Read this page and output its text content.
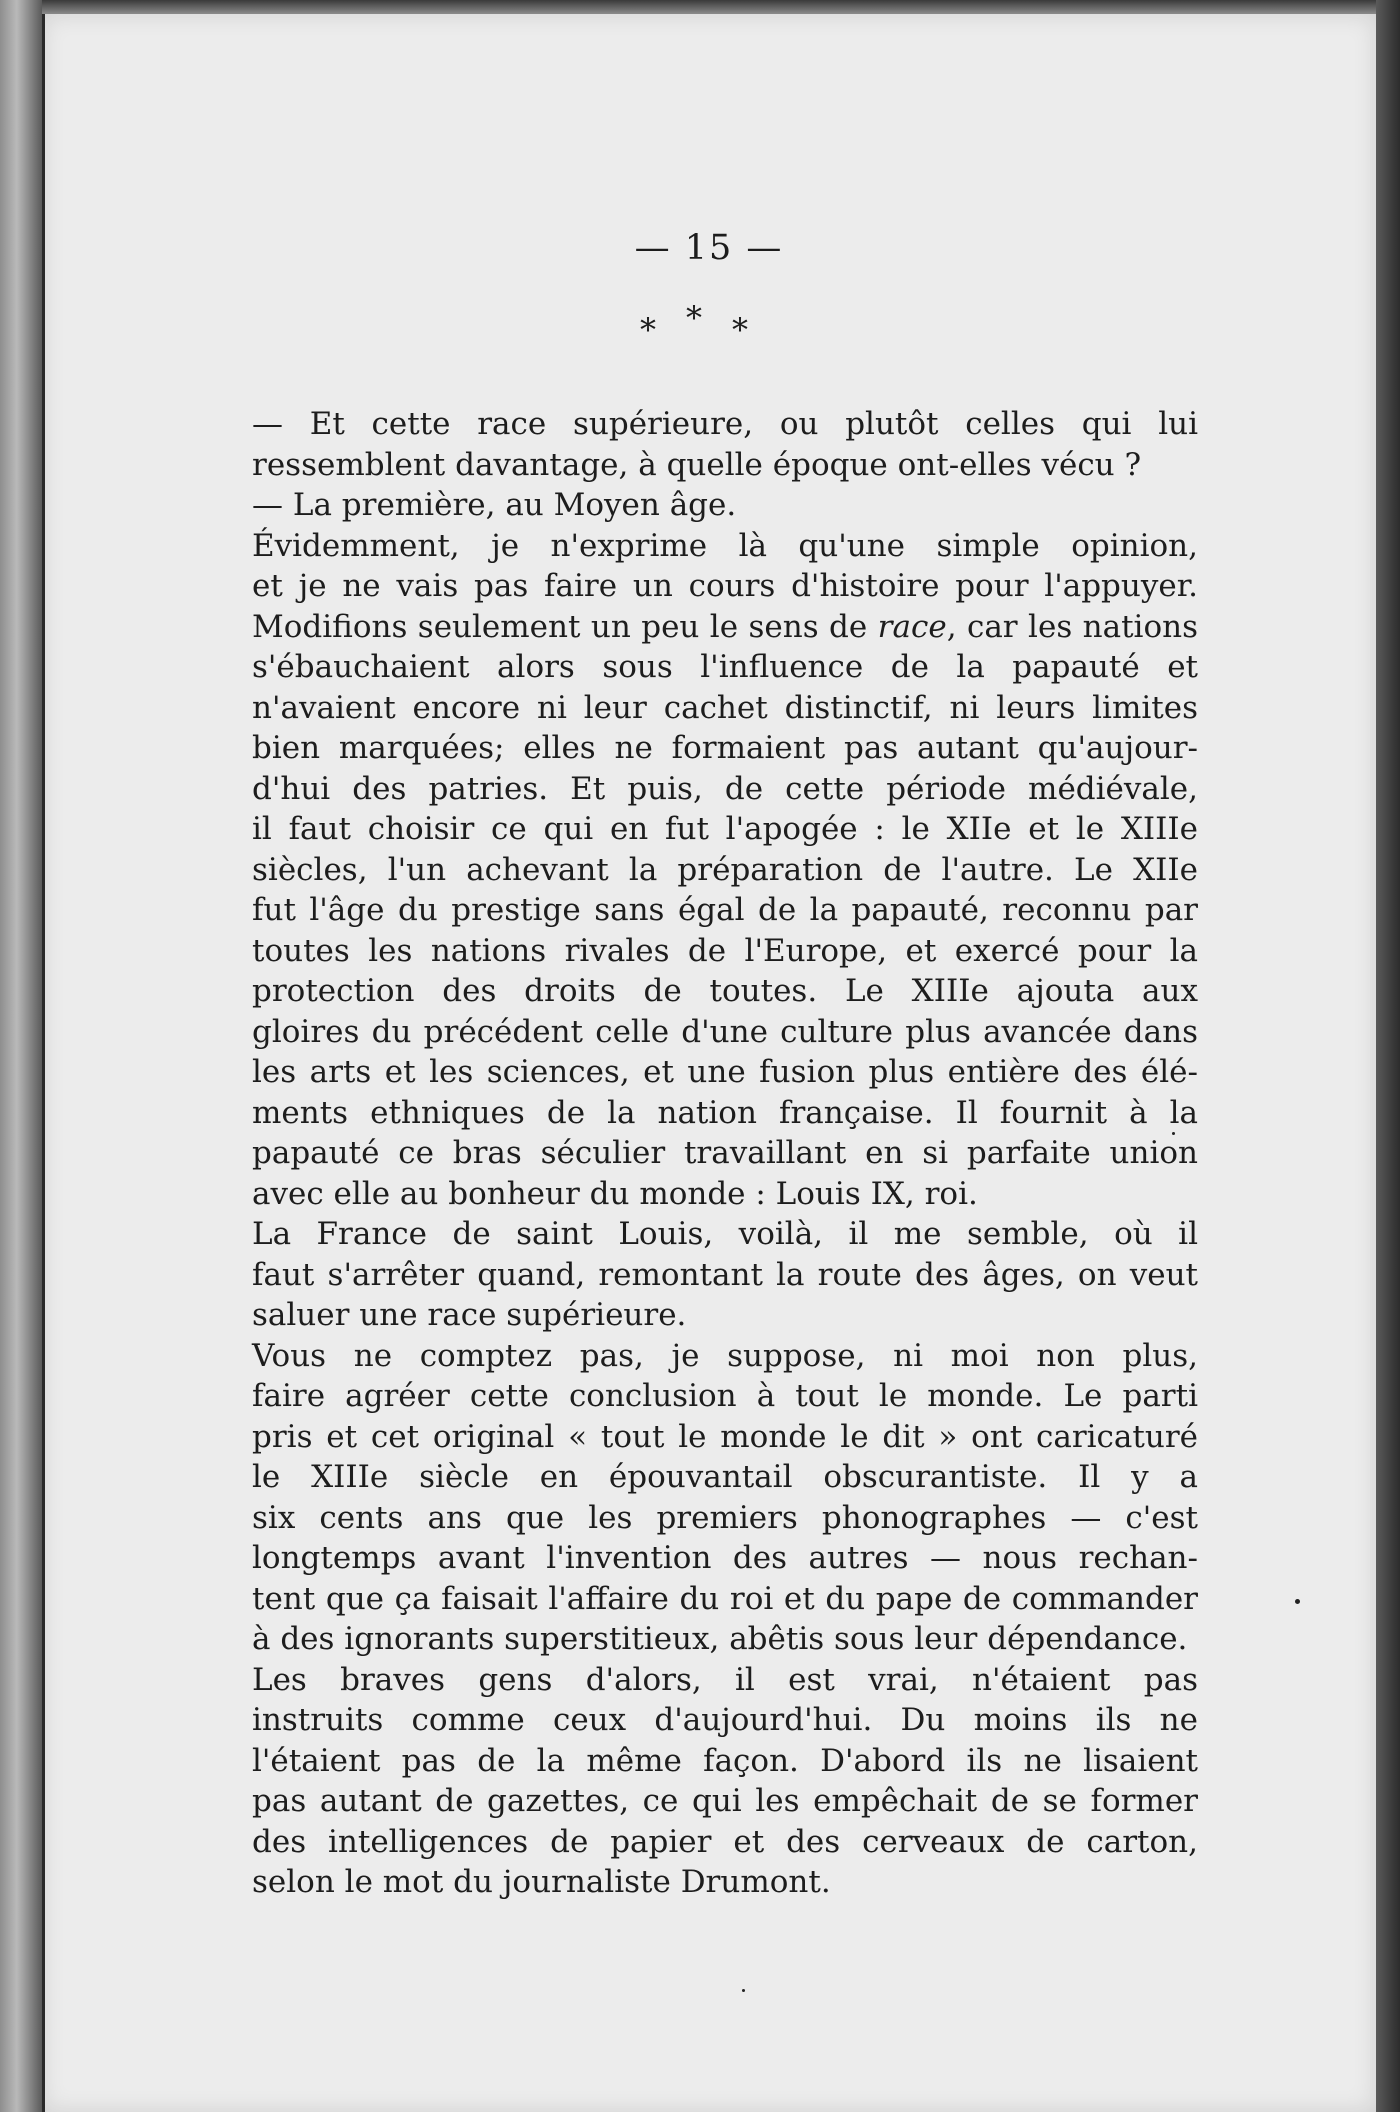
— 15 —
***

— Et cette race supérieure, ou plutôt celles qui lui
ressemblent davantage, à quelle époque ont-elles vécu ?

— La première, au Moyen âge.

Évidemment, je n'exprime là qu'une simple opinion,
et je ne vais pas faire un cours d'histoire pour l'appuyer.
Modifions seulement un peu le sens de race, car les nations
s'ébauchaient alors sous l'influence de la papauté et
n'avaient encore ni leur cachet distinctif, ni leurs limites
bien marquées; elles ne formaient pas autant qu'aujour-
d'hui des patries. Et puis, de cette période médiévale,
il faut choisir ce qui en fut l'apogée : le XIIe et le XIIIe
siècles, l'un achevant la préparation de l'autre. Le XIIe
fut l'âge du prestige sans égal de la papauté, reconnu par
toutes les nations rivales de l'Europe, et exercé pour la
protection des droits de toutes. Le XIIIe ajouta aux
gloires du précédent celle d'une culture plus avancée dans
les arts et les sciences, et une fusion plus entière des élé-
ments ethniques de la nation française. Il fournit à la
papauté ce bras séculier travaillant en si parfaite union
avec elle au bonheur du monde : Louis IX, roi.

La France de saint Louis, voilà, il me semble, où il
faut s'arrêter quand, remontant la route des âges, on veut
saluer une race supérieure.

Vous ne comptez pas, je suppose, ni moi non plus,
faire agréer cette conclusion à tout le monde. Le parti
pris et cet original « tout le monde le dit » ont caricaturé
le XIIIe siècle en épouvantail obscurantiste. Il y a
six cents ans que les premiers phonographes — c'est
longtemps avant l'invention des autres — nous rechan-
tent que ça faisait l'affaire du roi et du pape de commander
à des ignorants superstitieux, abêtis sous leur dépendance.

Les braves gens d'alors, il est vrai, n'étaient pas
instruits comme ceux d'aujourd'hui. Du moins ils ne
l'étaient pas de la même façon. D'abord ils ne lisaient
pas autant de gazettes, ce qui les empêchait de se former
des intelligences de papier et des cerveaux de carton,
selon le mot du journaliste Drumont.
